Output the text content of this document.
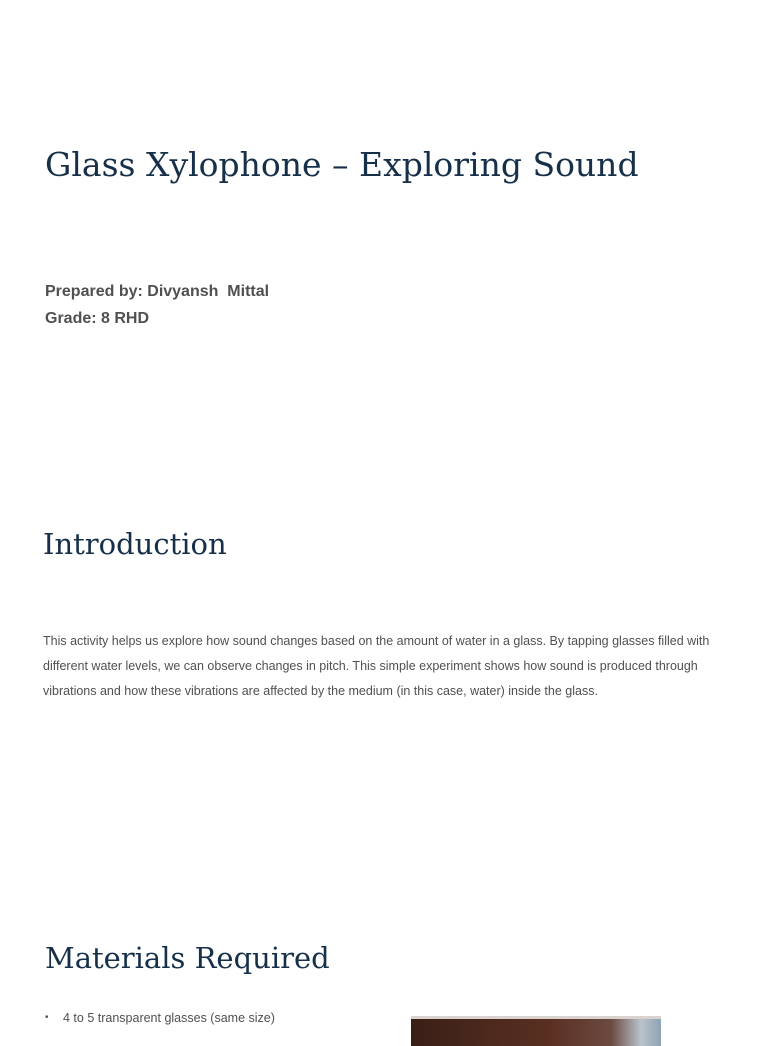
Glass Xylophone – Exploring Sound
Prepared by: Divyansh  Mittal
Grade: 8 RHD
Introduction

This activity helps us explore how sound changes based on the amount of water in a glass. By tapping glasses filled with different water levels, we can observe changes in pitch. This simple experiment shows how sound is produced through vibrations and how these vibrations are affected by the medium (in this case, water) inside the glass.

Materials Required
•	4 to 5 transparent glasses (same size)
